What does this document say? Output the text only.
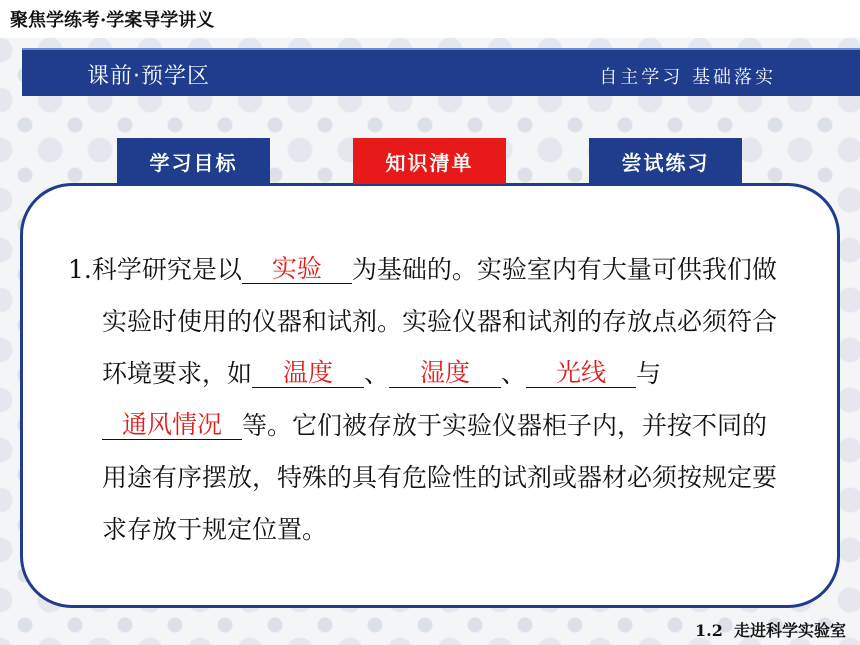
聚焦学练考·学案导学讲义
课前·预学区	自主学习 基础落实
学习目标	知识清单	尝试练习

1.科学研究是以	实验	为基础的。实验室内有大量可供我们做实验时使用的仪器和试剂。实验仪器和试剂的存放点必须符合环境要求，如	温度	、	湿度	、	光线	与
通风情况 等。它们被存放于实验仪器柜子内，并按不同的用途有序摆放，特殊的具有危险性的试剂或器材必须按规定要求存放于规定位置。

1.2  走进科学实验室
